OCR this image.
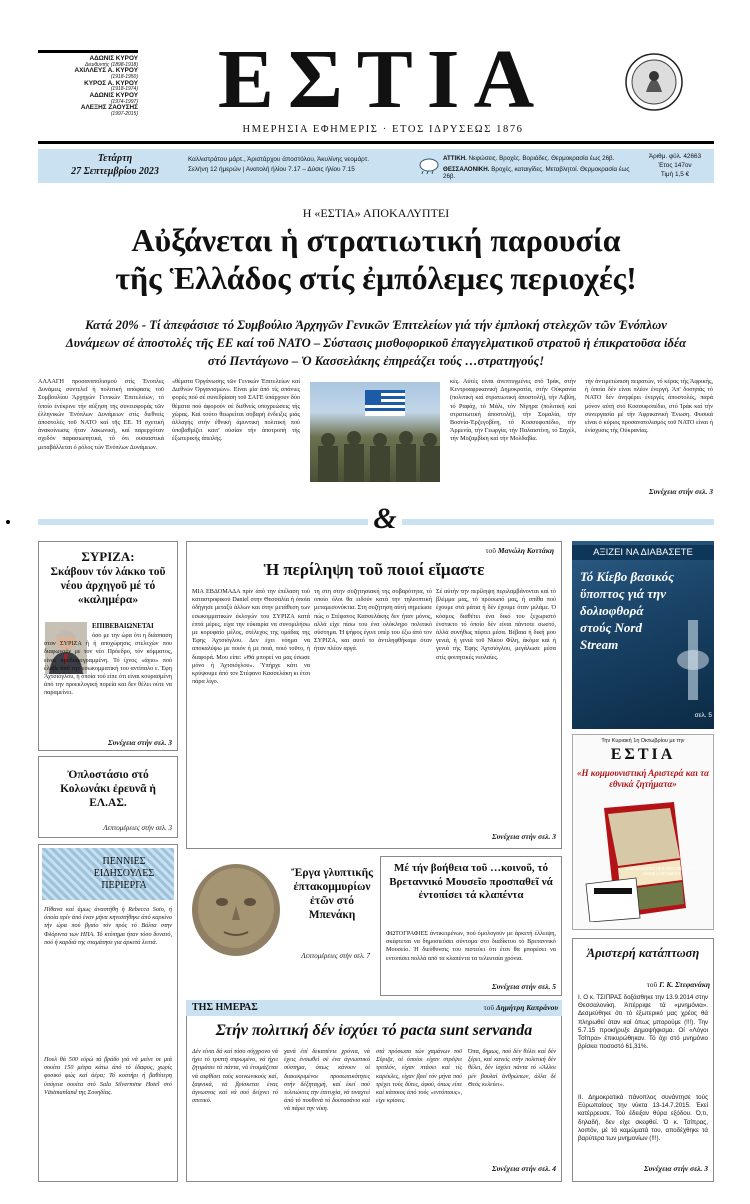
ΑΔΩΝΙΣ ΚΥΡΟΥ
Διευθυντής (1898-1918)
ΑΧΙΛΛΕΥΣ Α. ΚΥΡΟΥ
(1918-1950)
ΚΥΡΟΣ Α. ΚΥΡΟΥ
(1918-1974)
ΑΔΩΝΙΣ ΚΥΡΟΥ
(1974-1997)
ΑΛΕΞΗΣ ΖΑΟΥΣΗΣ
(1997-2015) ΕΣΤΙΑ
ΗΜΕΡΗΣΙΑ ΕΦΗΜΕΡΙΣ · ΕΤΟΣ ΙΔΡΥΣΕΩΣ 1876
Τετάρτη
27 Σεπτεμβρίου 2023
Καλλιστράτου μάρτ., Άριστάρχου άποστόλου, Άκυλίνης νεομάρτ.
Σελήνη 12 ήμερών | Ανατολή ήλίου 7.17 – Δύσις ήλίου 7.15
ΑΤΤΙΚΗ. Νεφώσεις. Βροχές. Βοριάδες. Θερμοκρασία έως 26β.
ΘΕΣΣΑΛΟΝΙΚΗ. Βροχές, καταιγίδες. Μεταβλητοί. Θερμοκρασία έως 26β.
Άριθμ. φύλ. 42663
Έτος 147ον
Τιμή 1,5 €
Η «ΕΣΤΙΑ» ΑΠΟΚΑΛΥΠΤΕΙ
Αὐξάνεται ἡ στρατιωτική παρουσία
τῆς Ἑλλάδος στίς ἐμπόλεμες περιοχές!
Κατά 20% - Τί ἀπεφάσισε τό Συμβούλιο Ἀρχηγῶν Γενικῶν Ἐπιτελείων γιά τήν ἐμπλοκή στελεχῶν τῶν Ἐνόπλων Δυνάμεων σέ ἀποστολές τῆς ΕΕ καί τοῦ ΝΑΤΟ – Σύστασις μισθοφορικοῦ ἐπαγγελματικοῦ στρατοῦ ἡ ἐπικρατοῦσα ἰδέα στό Πεντάγωνο – Ὁ Κασσελάκης ἐπηρεάζει τούς …στρατηγούς!
ΑΛΛΑΓΗ προσανατολισμού στίς Ένοπλες Δυνάμεις συντελεΐ ή πολιτική απόφασις τοῦ Συμβουλίου Άρχηγών Γενικών Έπιτελείων, τό όποίο ένέκρινε τήν αύξηση της συνεισφοράς τῶν έλληνικών Ένόπλων Δυνάμεων στίς διεθνείς άποστολές τοῦ ΝΑΤΟ καί τῆς ΕΕ. Ή σχετική άνακοίνωσις ήταν λακωνική, καί παρερχόταν σχεδόν παρασιωπητικά, τό ότι ουσιαστικά μεταβάλλεται ό ρόλος τών Ένόπλων Δυνάμεων.
«θέματα Όργάνωσης τῶν Γενικών Έπιτελείων καί Διεθνών Όργανισμών». Είναι μία άπό τίς σπάνιες φορές πού σέ συνεδρίαση τοῦ ΣΑΓΕ ύπάρχουν δύο θέματα πού άφορούν σέ διεθνείς υποχρεώσεις τής χώρας. Καί τούτο θεωρείται σοβαρή ένδειξις μιάς άλλαγής στήν έθνική άμυντική πολιτική πού ύποβαθμίζει καιτ' ούσίαν τήν άποτροπή τής έξωτερικής άπειλής.
κές. Αύτές είναι άνεπτυγμένες στό Ίράκ, στήν Κεντροαφρικανική Δημοκρατία, στήν Ούκρανία (πολιτική καί στρατιωτική άποστολή), τήν Λιβύη, τό Ραφάχ, τό Μάλι, τόν Νίγηρα (πολιτική καί στρατιωτική άποστολή), τήν Σομαλία, τήν Βοσνία-Έρζεγοβίνη, τό Κοσσυφοπέδιο, τήν Άρμενία, τήν Γεωργία, τήν Παλαιστίνη, τό Σαχέλ, τήν Μοζαμβίκη καί τήν Μολδαβία.
τήν άντιμετώπιση πειρατών, τό κέρας τής Άφρικής, ή όποία δέν είναι πλέον ένεργή. Άπ' δοσηπάς τό ΝΑΤΟ δέν άνηφέρει ένεργές άποστολές, παρά μόνον αύτή στό Κοσσυφοπέδιο, στό Ίράκ καί τήν συνεργασία μέ τήν Άφρικανική Ένωση. Φυσικά είναι ό κύριος προσανατολισμός τοῦ ΝΑΤΟ είναι ή ένίσχυσις τής Ούκρανίας.
Συνέχεια στήν σελ. 3
&
ΣΥΡΙΖΑ:
Σκάβουν τόν λάκκο τοῦ νέου ἀρχηγοῦ μέ τό «καλημέρα»
ΕΠΙΒΕΒΑΙΩΝΕΤΑΙ
όσο με την ώρα ότι η διάσπαση στον ΣΥΡΙΖΑ ή ή αποχώρησις στελεχών που διαφωνούν με τον νέο Πρόεδρο, τόν κόμματος, είναι προδιαγεγραμμένη. Τό ίχνος «άγιο» πού έλαβε άπό την εσωκομματική του αντίπαλο ε. Έφη Άχτσιόγλου, ή όποία τού είπε ότι είναι κουρασμένη άπό την προεκλογική πορεία και δεν θέλει ούτε να παραμείνει.
Συνέχεια στήν σελ. 3
Ὀπλοστάσιο στό Κολωνάκι ἐρευνᾶ ἡ ΕΛ.ΑΣ.
Λεπτομέρειες στήν σελ. 3
ΠΕΝΝΙΕΣ ΕΙΔΗΣΟΥΛΕΣ ΠΕΡΙΕΡΓΑ
Πίθανα καί άμως άναστήθη ή Rebecca Soto, ή όποία πρίν άπό έναν μήνα κηνιστήθηκε άπό καρκίνο τήν ώρα πού βγαίο τόν πρός τό Βάλτα στην Φλόριντα των ΗΠΑ. Τό κτύπημα ήταν τόσο δυνατό, πού ή καρδιά της σταμάτησε για άρκετά λεπτά.
Πουλ θά 500 εύρώ τά βράδυ γιά νά μείνε σε μιά σουίτα 150 μέτρα κάτω άπό τό έδαφος, χωρίς φυσικό φώς καί άέρα; Τό κοστήρι ή βαθύτερη ύπόγεια σουίτα στό Sala Silvermine Hotel στό Västmanland της Σουηδίας.
τοῦ Μανώλη Κοττάκη
Ἡ περίληψη τοῦ ποιοί εἴμαστε
ΜΙΑ ΕΒΔΟΜΑΔΑ πρίν άπό την έπέλαση τού καταστροφικού Daniel στην Θεσσαλία ή όποία όδήγησε μεταξύ άλλων και στην μετάθεση των εσωκομματικών έκλογών του ΣΥΡΙΖΑ κατά έπτά μέρες, είχα την εύκαιρία να συνομιλήσω με κορυφαίο μέλος, στέλεχος της ομάδας της Έφης Άχτσιόγλου. Δεν έχει νόημα να αποκαλύψω με ποιόν ή με ποιά, ποιό τοῦτο, ή διαφορά. Μου είπε: «Θά μπορεί να μας έσωσε μόνο ή Άχτσιόγλου». Ύπήρχε κάτι να κρύψουμε άπό τον Στέφανο Κασσελάκη κι έτσι πάρα λίγο.
τη στη στην συζητησιακή της σοβαρότητα, τό οποίο όλοι θα ειδούν κατά την τηλεοπτική μεταμεσονύκτια. Στη συζήτηση αύτή σημείωσε πώς ο Στέφανος Κασσελάκης δεν ήταν μόνος, αλλά είχε πίσω του ένα ολόκληρο πολιτικό σύστημα. Ή ψήφος έγινε υπέρ του έξω άπό τον ΣΥΡΙΖΑ, και αυτό το άντιληφθήκαμε όταν ήταν πλέον αργά.
Σέ αύτήν την περίληψη περιλαμβάνονται καί τό βλέμμα μας, τό πρόσωπό μας, ή σπίθα πού έχουμε στά μάτια ή δέν έχουμε όταν μιλάμε. Ό κόσμος διαθέτει ένα δικό του ξεχωριστό ένστικτο τό όποίο δέν είναι πάντοτε σωστό, άλλά συνήθως πέφτει μέσα. Βέβαια ή δική μου γενιά, ή γενιά τοῦ Νίκου Φίλη, άκόμα καί ή γενιά τής Έφης Άχτσιόγλου, μεγάλωσε μέσα στίς φοιτητικές νεολαίες.
Συνέχεια στήν σελ. 3
Ἔργα γλυπτικῆς ἐπτακομμυρίων ἐτῶν στό Μπενάκη
Λεπτομέρειες στήν σελ. 7
Μέ τήν βοήθεια τοῦ …κοινοῦ, τό Βρεταννικό Μουσεῖο προσπαθεῖ νά ἐντοπίσει τά κλαπέντα
ΦΩΤΟΓΡΑΦΙΕΣ άντικειμένων, πού όμολογούν με άρκετή έλλειψη, σκέφτεται να δημοσιεύσει σύντομα στο διαδίκτυο τό Βρεταννικό Μουσείο. Ή διεύθυνσις του πιστεύει ότι έτσι θα μπορέσει να εντοπίσει πολλά από τα κλαπέντα τα τελευταία χρόνια.
Συνέχεια στήν σελ. 5
ΤΗΣ ΗΜΕΡΑΣ	τοῦ Δημήτρη Καπράνου
Στήν πολιτική δέν ἰσχύει τό pacta sunt servanda
Δέν είναι δά καί τόσο σύγχρονο νά ήχει τό τριπτή σπρωμένο, νά ήχει ζητιμάσει τά πάντα, νά έτοιμάζεται νά αιφθίσει τούς κοινωνικούς καί, ξαφνικά, νά βρίσκεται ένας άγνωστος καί νά σού δείχνει τό σπιτικό.
χανά έπί δεκαπέντε χρόνια, νά έχεις ένσωθεί σέ ένα άγνωστικό σύστημα, όπως κάνουν οί διακεκριμένοι προσωπικότητες στήν δέξηταγμή, καί έκεί πού τελειώνεις την έπιτυχία, νά τιναχτεί άπό τό πουθενά τό δουτασάνιο καί νά πάρει την νίκη.
στά πρόσωπα τών χαμάνων τοῦ Σύριζα, οί όποίοι είχαν στρέψει τριπλόν, είχαν πτάσει καί τίς καρέκλες, είχαν βρεί τόν μήνα πού τρέχει τούς δύτες, άφού, όπως είπε καί κάποιος άπό τούς «εντόπιους», είχε κρίσεις.
Όπα, δημως, πού δέν θέλει καί δέν ξέρει, καί κανείς στήν πολιτική δέν θέλει, δέν ίσχύει πάντα τό «Άλλοι μέν βουλαί άνθρώπων, άλλα δέ Θεός κελεύει».
Συνέχεια στήν σελ. 4
ΑΞΙΖΕΙ ΝΑ ΔΙΑΒΑΣΕΤΕ
Τό Κίεβο βασικός ὕποπτος γιά την δολιοφθορά στούς Nord Stream
σελ. 5
Την Κυριακή 1η Οκτωβρίου με την
ΕΣΤΙΑ
«Η κομμουνιστική Αριστερά και τα εθνικά ζητήματα»
Ο ΚΟΜΜΟΥΝΙΣΤΙΚΗ ΑΡΙΣΤΕΡΑ ΚΑΙ ΤΑ ΕΘΝΙΚΑ ΖΗΤΗΜΑΤΑ
Ἀριστερή κατάπτωση
τοῦ Γ. Κ. Στεφανάκη
Ι. Ο κ. ΤΣΙΠΡΑΣ δοξάσθηκε την 13.9.2014 στην Θεσσαλονίκη. Άπέρριψε τά «μνημόνια». Δεσμεύθηκε ότι τό έξωτερικό μας χρέος θά πληρωθεί όταν καί όπως μπορούμε (!!!). Την 5.7.15 προκήρυξε Δημοψήφισμα. Οί «Λόγοι Τσίπρα» έπικυρώθηκαν. Τό όχι στό μνημόνιο βρίσκει ποσοστό 61,31%.
II. Δημοκρατικά πάνοπλος συνάντησε τούς Εύρωπαίους την νύκτα 13-14.7.2015. Έκεί κατέρρευσε. Τού έδειξαν θύρα εξόδου. Ό,τι, δηλαδή, δεν είχε σκεφθεί. Ό κ. Τσίπρας, λοιπόν, μέ τά καμώματά του, αποδέχθηκε τά βαρύτερα των μνημονίων (!!!).
Συνέχεια στήν σελ. 3
